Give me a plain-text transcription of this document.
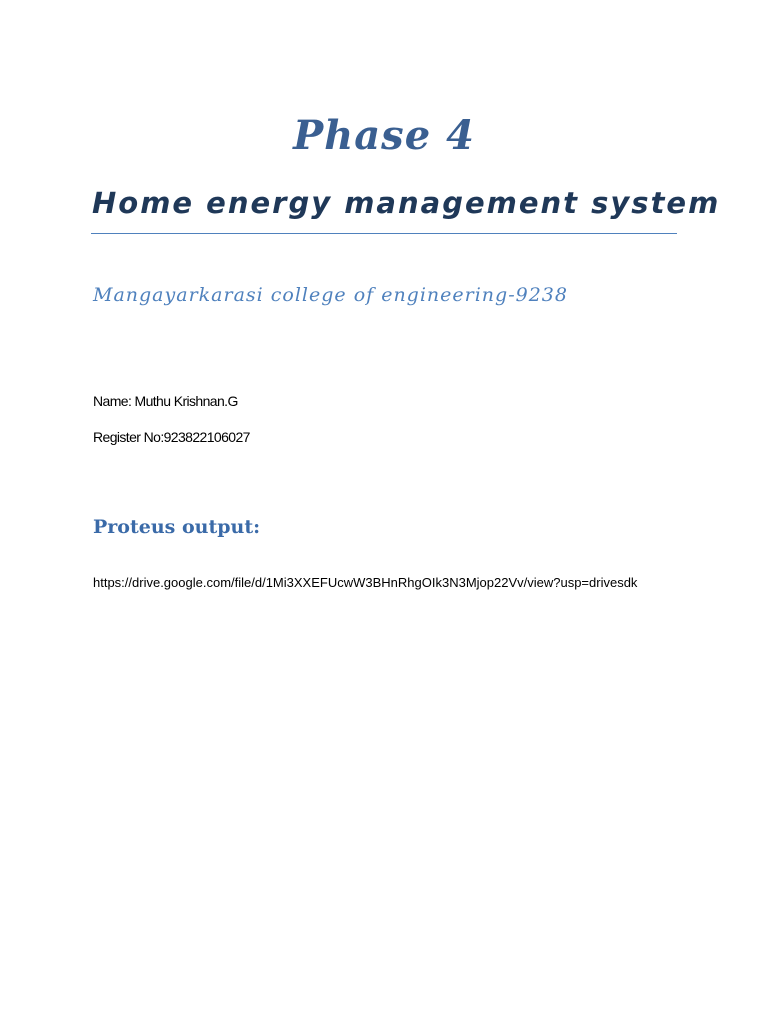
Phase 4
Home energy management system

Mangayarkarasi college of engineering-9238

Name: Muthu Krishnan.G

Register No:923822106027

Proteus output:
https://drive.google.com/file/d/1Mi3XXEFUcwW3BHnRhgOIk3N3Mjop22Vv/view?usp=drivesdk
